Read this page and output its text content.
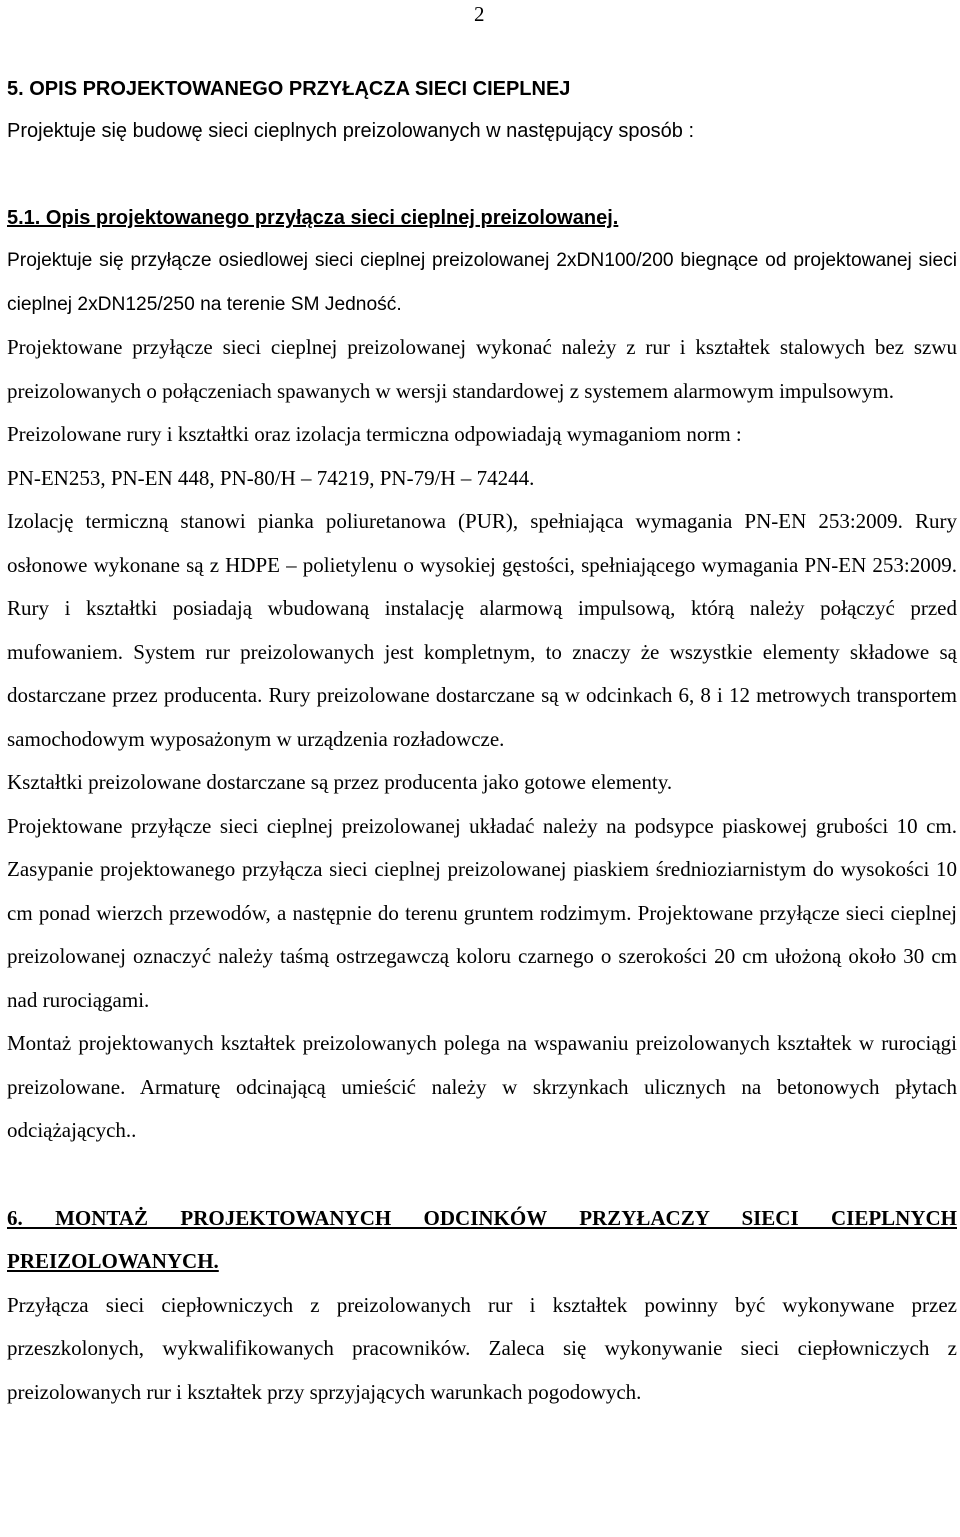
2
5. OPIS PROJEKTOWANEGO PRZYŁĄCZA SIECI CIEPLNEJ

Projektuje się budowę sieci cieplnych preizolowanych w następujący sposób :

5.1. Opis projektowanego przyłącza sieci cieplnej preizolowanej.

Projektuje się przyłącze osiedlowej sieci cieplnej preizolowanej 2xDN100/200 biegnące od projektowanej sieci cieplnej 2xDN125/250 na terenie SM Jedność.

Projektowane przyłącze sieci cieplnej preizolowanej wykonać należy z rur i kształtek stalowych bez szwu preizolowanych o połączeniach spawanych w wersji standardowej z systemem alarmowym impulsowym.

Preizolowane rury i kształtki oraz izolacja termiczna odpowiadają wymaganiom norm :

PN-EN253, PN-EN 448, PN-80/H – 74219, PN-79/H – 74244.

Izolację termiczną stanowi pianka poliuretanowa (PUR), spełniająca wymagania PN-EN 253:2009. Rury osłonowe wykonane są z HDPE – polietylenu o wysokiej gęstości, spełniającego wymagania PN-EN 253:2009. Rury i kształtki posiadają wbudowaną instalację alarmową impulsową, którą należy połączyć przed mufowaniem. System rur preizolowanych jest kompletnym, to znaczy że wszystkie elementy składowe są dostarczane przez producenta. Rury preizolowane dostarczane są w odcinkach 6, 8 i 12 metrowych transportem samochodowym wyposażonym w urządzenia rozładowcze.

Kształtki preizolowane dostarczane są przez producenta jako gotowe elementy.

Projektowane przyłącze sieci cieplnej preizolowanej układać należy na podsypce piaskowej grubości 10 cm. Zasypanie projektowanego przyłącza sieci cieplnej preizolowanej piaskiem średnioziarnistym do wysokości 10 cm ponad wierzch przewodów, a następnie do terenu gruntem rodzimym. Projektowane przyłącze sieci cieplnej preizolowanej oznaczyć należy taśmą ostrzegawczą koloru czarnego o szerokości 20 cm ułożoną około 30 cm nad rurociągami.

Montaż projektowanych kształtek preizolowanych polega na wspawaniu preizolowanych kształtek w rurociągi preizolowane. Armaturę odcinającą umieścić należy w skrzynkach ulicznych na betonowych płytach odciążających..

6. MONTAŻ PROJEKTOWANYCH ODCINKÓW PRZYŁACZY SIECI CIEPLNYCH PREIZOLOWANYCH.

Przyłącza sieci ciepłowniczych z preizolowanych rur i kształtek powinny być wykonywane przez przeszkolonych, wykwalifikowanych pracowników. Zaleca się wykonywanie sieci ciepłowniczych z preizolowanych rur i kształtek przy sprzyjających warunkach pogodowych.
